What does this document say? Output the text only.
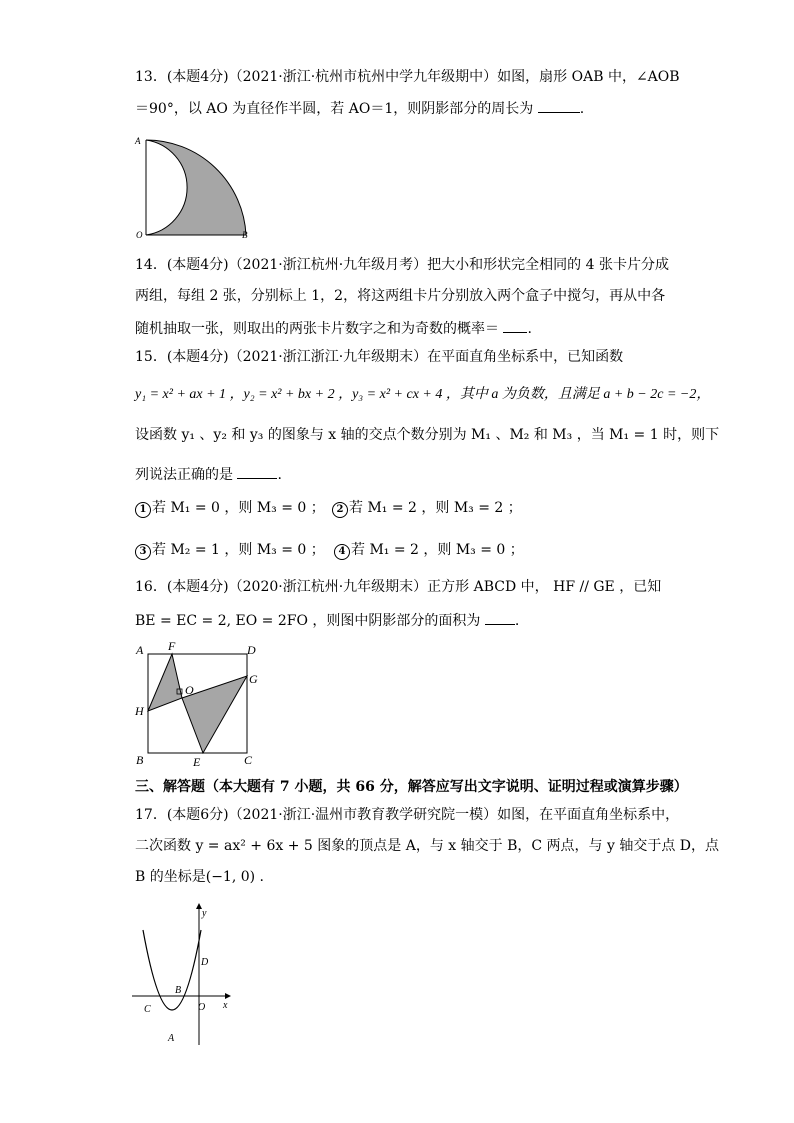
13．(本题4分)（2021·浙江·杭州市杭州中学九年级期中）如图，扇形 OAB 中，∠AOB
＝90°，以 AO 为直径作半圆，若 AO＝1，则阴影部分的周长为	.
A
O	B
14．(本题4分)（2021·浙江杭州·九年级月考）把大小和形状完全相同的 4 张卡片分成
两组，每组 2 张，分别标上 1，2，将这两组卡片分别放入两个盒子中搅匀，再从中各
随机抽取一张，则取出的两张卡片数字之和为奇数的概率＝ .
15．(本题4分)（2021·浙江浙江·九年级期末）在平面直角坐标系中，已知函数
y₁ = x² + ax + 1 ，y₂ = x² + bx + 2 ，y₃ = x² + cx + 4 ，其中 a 为负数，且满足 a + b − 2c = −2，
设函数 y₁ 、y₂ 和 y₃ 的图象与 x 轴的交点个数分别为 M₁ 、M₂ 和 M₃ ，当 M₁ = 1 时，则下
列说法正确的是	.
1 若 M₁ = 0 ，则 M₃ = 0 ；	2 若 M₁ = 2 ，则 M₃ = 2 ；
3 若 M₂ = 1 ，则 M₃ = 0 ；	4 若 M₁ = 2 ，则 M₃ = 0 ；
16．(本题4分)（2020·浙江杭州·九年级期末）正方形 ABCD 中， HF // GE ，已知
BE = EC = 2, EO = 2FO ，则图中阴影部分的面积为 .
A F	D
O
G
H
B	E	C
三、解答题（本大题有 7 小题，共 66 分，解答应写出文字说明、证明过程或演算步骤）
17．(本题6分)（2021·浙江·温州市教育教学研究院一模）如图，在平面直角坐标系中，
二次函数 y = ax² + 6x + 5 图象的顶点是 A，与 x 轴交于 B，C 两点，与 y 轴交于点 D，点
B 的坐标是(−1, 0) .
y
x
D
B
C	O
A
